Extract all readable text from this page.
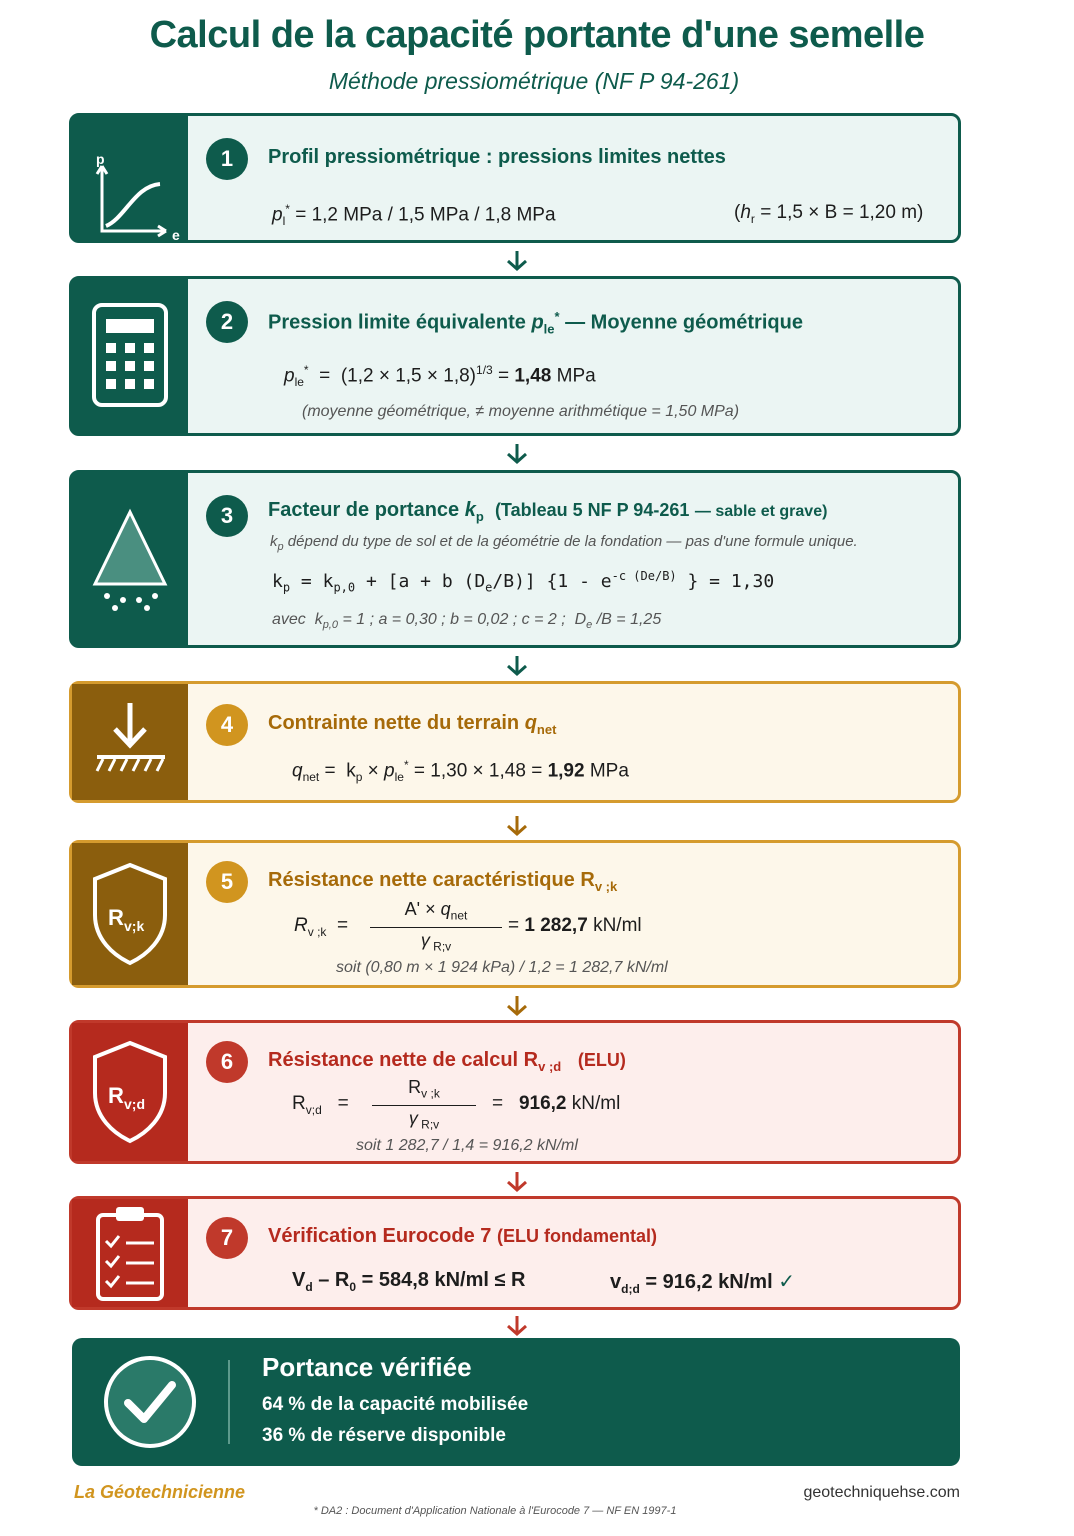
Calcul de la capacité portante d'une semelle
Méthode pressiométrique (NF P 94-261)
p
e
1	Profil pressiométrique : pressions limites nettes
$p_l^* = 1,2$ MPa / 1,5 MPa / 1,8 MPa	($h_r = 1,5 \times B = 1,20$ m)
2	Pression limite équivalente $p_{le}^*$ — Moyenne géométrique
$p_{le}^* = (1,2 \times 1,5 \times 1,8)^{1/3} = 1,48$ MPa
(moyenne géométrique, ≠ moyenne arithmétique = 1,50 MPa)
3	Facteur de portance $k_p$ (Tableau 5 NF P 94-261 — sable et grave)
$k_p$ dépend du type de sol et de la géométrie de la fondation — pas d'une formule unique.
$k_p = k_{p,0} + [a + b$ $(D_e/B)$] {$1 - e^{-c (De/B)}$ } = 1,30
avec  $k_{p,0} = 1$ ; a = 0,30 ; b = 0,02 ; c = 2 ;  $D_e$ /B = 1,25
4	Contrainte nette du terrain $q_{net}$
$q_{net} = k_p \times p_{le}^* = 1,30 \times 1,48 = 1,92$ MPa
R v;k
5	Résistance nette caractéristique $R_{v ;k}$
$R_{v ;k}$  =
$A' \times q_{net}$
γ $_{R;v}$
= 1 282,7 kN/ml
soit (0,80 m × 1 924 kPa) / 1,2 = 1 282,7 kN/ml
R v;d
6	Résistance nette de calcul $R_{v ;d}$ (ELU)
$R_{v;d} = \frac{R_{v ;k}}{\gamma _{R;v}} = 916,2$ kN/ml
soit 1 282,7 / 1,4 = 916,2 kN/ml
7	Vérification Eurocode 7 (ELU fondamental)
$V_d - R_0 = 584,8$ kN/ml ≤ R	$v_{d;d} = 916,2$ kN/ml ✓
Portance vérifiée
64 % de la capacité mobilisée
36 % de réserve disponible
La Géotechnicienne	geotechniquehse.com
* DA2 : Document d'Application Nationale à l'Eurocode 7 — NF EN 1997-1
